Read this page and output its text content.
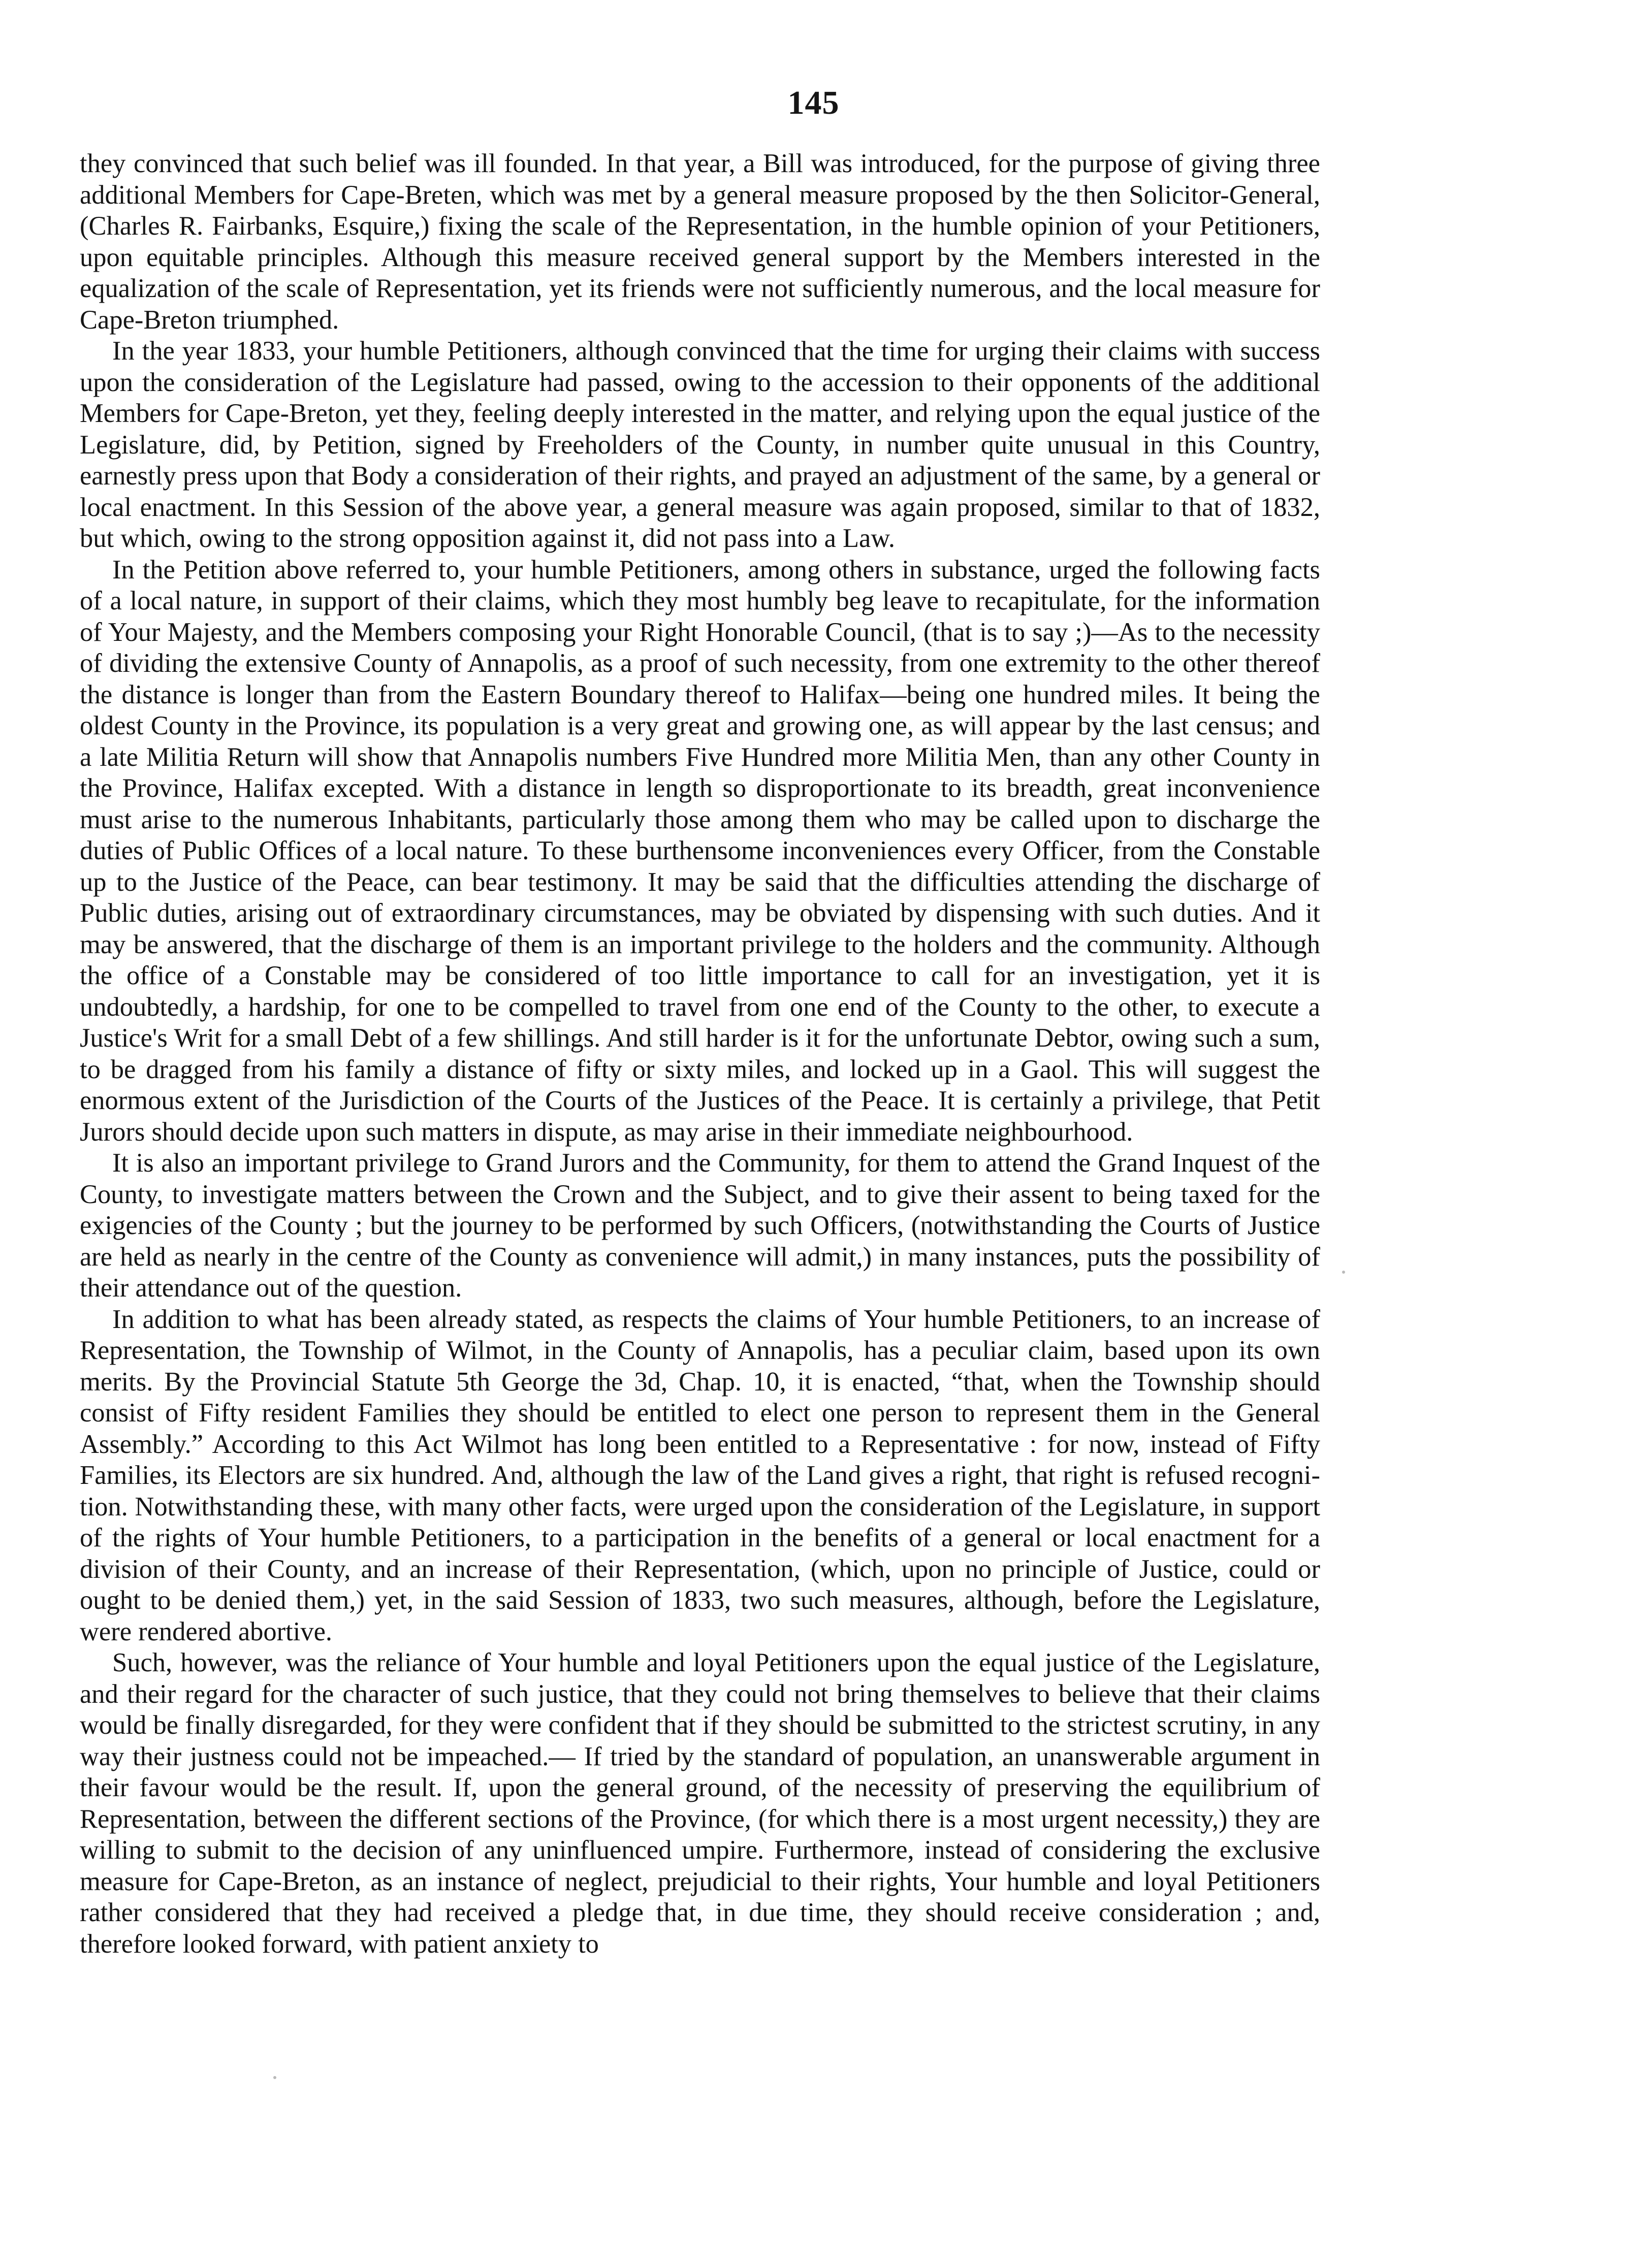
145

they convinced that such belief was ill founded. In that year, a Bill was introduced, for the purpose of giving three additional Members for Cape-Breten, which was met by a general measure proposed by the then Solicitor-General, (Charles R. Fairbanks, Esquire,) fixing the scale of the Representation, in the humble opinion of your Petitioners, upon equitable principles. Although this measure received general support by the Members interested in the equalization of the scale of Representation, yet its friends were not sufficiently numerous, and the local measure for Cape-Breton triumphed.

In the year 1833, your humble Petitioners, although convinced that the time for urging their claims with success upon the consideration of the Legislature had passed, owing to the accession to their opponents of the additional Members for Cape-Breton, yet they, feeling deeply interested in the matter, and relying upon the equal justice of the Legislature, did, by Petition, signed by Freeholders of the County, in number quite unusual in this Country, earnestly press upon that Body a consideration of their rights, and prayed an adjustment of the same, by a general or local enactment. In this Session of the above year, a general measure was again proposed, similar to that of 1832, but which, owing to the strong opposition against it, did not pass into a Law.

In the Petition above referred to, your humble Petitioners, among others in substance, urged the following facts of a local nature, in support of their claims, which they most humbly beg leave to recapitulate, for the information of Your Majesty, and the Members composing your Right Honorable Council, (that is to say ;)—As to the necessity of dividing the extensive County of Annapolis, as a proof of such necessity, from one extremity to the other thereof the distance is longer than from the Eastern Boundary thereof to Halifax—being one hundred miles. It being the oldest County in the Province, its population is a very great and growing one, as will appear by the last census; and a late Militia Return will show that Annapolis numbers Five Hundred more Militia Men, than any other County in the Province, Halifax excepted. With a distance in length so disproportionate to its breadth, great inconvenience must arise to the numerous Inhabitants, particularly those among them who may be called upon to discharge the duties of Public Offices of a local nature. To these burthensome inconveniences every Officer, from the Constable up to the Justice of the Peace, can bear testimony. It may be said that the difficulties attending the discharge of Public duties, arising out of extraordinary circumstances, may be obviated by dispensing with such duties. And it may be answered, that the discharge of them is an important privilege to the holders and the community. Although the office of a Constable may be considered of too little importance to call for an investigation, yet it is undoubtedly, a hardship, for one to be compelled to travel from one end of the County to the other, to execute a Justice's Writ for a small Debt of a few shillings. And still harder is it for the unfortunate Debtor, owing such a sum, to be dragged from his family a distance of fifty or sixty miles, and locked up in a Gaol. This will suggest the enormous extent of the Jurisdiction of the Courts of the Justices of the Peace. It is certainly a privilege, that Petit Jurors should decide upon such matters in dispute, as may arise in their immediate neighbourhood.

It is also an important privilege to Grand Jurors and the Community, for them to attend the Grand Inquest of the County, to investigate matters between the Crown and the Subject, and to give their assent to being taxed for the exigencies of the County ; but the journey to be performed by such Officers, (notwithstanding the Courts of Justice are held as nearly in the centre of the County as convenience will admit,) in many instances, puts the possibility of their attendance out of the question.

In addition to what has been already stated, as respects the claims of Your humble Petitioners, to an increase of Representation, the Township of Wilmot, in the County of Annapolis, has a peculiar claim, based upon its own merits. By the Provincial Statute 5th George the 3d, Chap. 10, it is enacted, “that, when the Township should consist of Fifty resident Families they should be entitled to elect one person to represent them in the General Assembly.” According to this Act Wilmot has long been entitled to a Representative : for now, instead of Fifty Families, its Electors are six hundred. And, although the law of the Land gives a right, that right is refused recognition. Notwithstanding these, with many other facts, were urged upon the consideration of the Legislature, in support of the rights of Your humble Petitioners, to a participation in the benefits of a general or local enactment for a division of their County, and an increase of their Representation, (which, upon no principle of Justice, could or ought to be denied them,) yet, in the said Session of 1833, two such measures, although, before the Legislature, were rendered abortive.

Such, however, was the reliance of Your humble and loyal Petitioners upon the equal justice of the Legislature, and their regard for the character of such justice, that they could not bring themselves to believe that their claims would be finally disregarded, for they were confident that if they should be submitted to the strictest scrutiny, in any way their justness could not be impeached.— If tried by the standard of population, an unanswerable argument in their favour would be the result. If, upon the general ground, of the necessity of preserving the equilibrium of Representation, between the different sections of the Province, (for which there is a most urgent necessity,) they are willing to submit to the decision of any uninfluenced umpire. Furthermore, instead of considering the exclusive measure for Cape-Breton, as an instance of neglect, prejudicial to their rights, Your humble and loyal Petitioners rather considered that they had received a pledge that, in due time, they should receive consideration ; and, therefore looked forward, with patient anxiety to
